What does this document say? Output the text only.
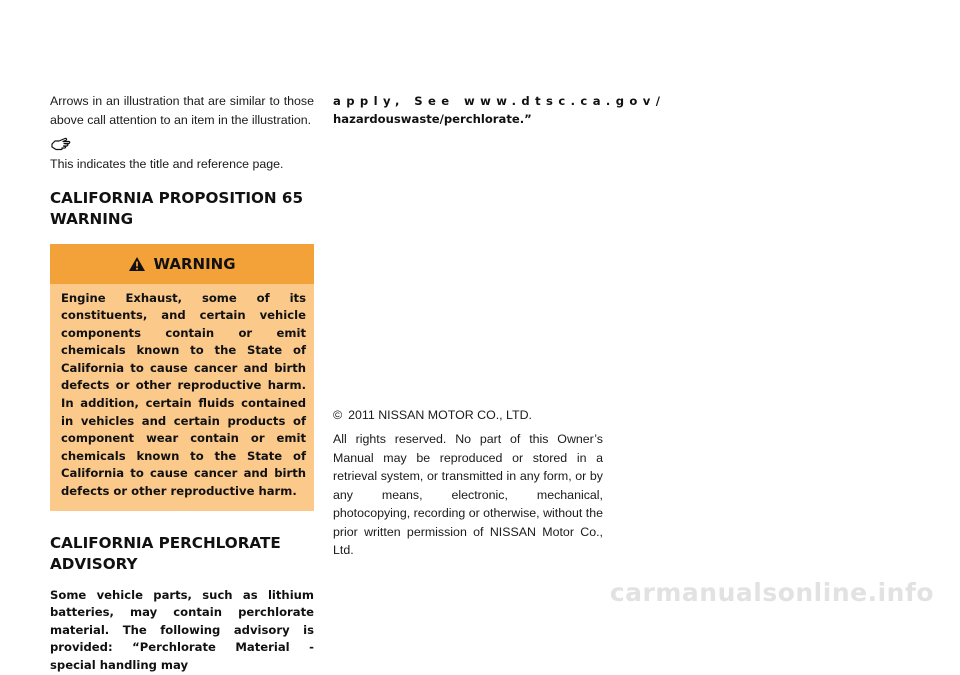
Arrows in an illustration that are similar to those above call attention to an item in the illustration.

This indicates the title and reference page.

CALIFORNIA PROPOSITION 65 WARNING
WARNING
Engine Exhaust, some of its constituents, and certain vehicle components contain or emit chemicals known to the State of California to cause cancer and birth defects or other reproductive harm. In addition, certain fluids contained in vehicles and certain products of component wear contain or emit chemicals known to the State of California to cause cancer and birth defects or other reproductive harm.
CALIFORNIA PERCHLORATE ADVISORY

Some vehicle parts, such as lithium batteries, may contain perchlorate material. The following advisory is provided: “Perchlorate Material - special handling may

apply, See www.dtsc.ca.gov/

hazardouswaste/perchlorate.”

© 2011 NISSAN MOTOR CO., LTD.

All rights reserved. No part of this Owner’s Manual may be reproduced or stored in a retrieval system, or transmitted in any form, or by any means, electronic, mechanical, photocopying, recording or otherwise, without the prior written permission of NISSAN Motor Co., Ltd.

carmanualsonline.info
